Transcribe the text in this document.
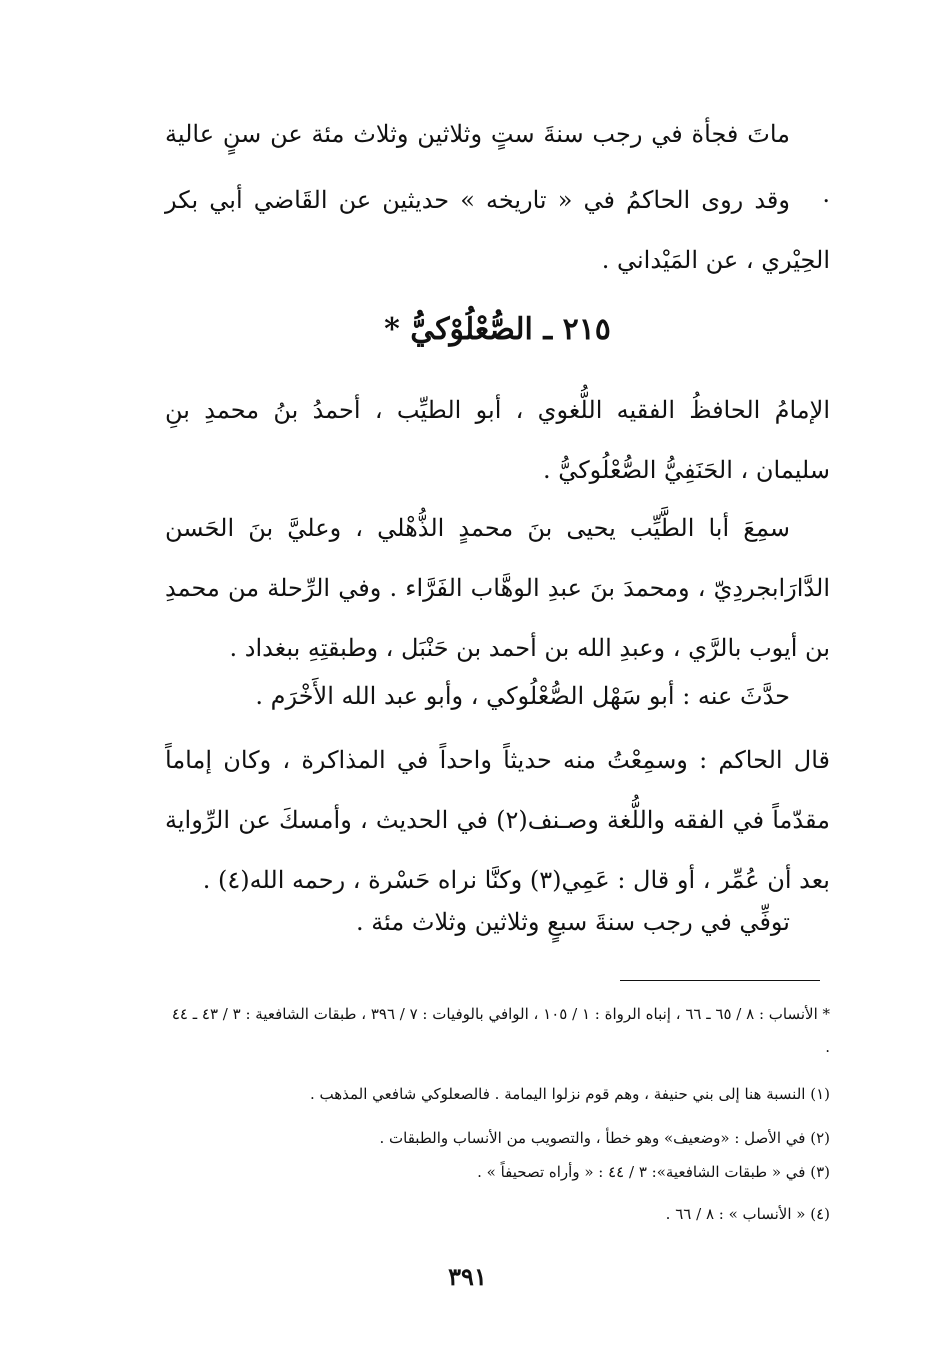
ماتَ فجأة في رجب سنةَ ستٍ وثلاثين وثلاث مئة عن سنٍ عالية .
وقد روى الحاكمُ في « تاريخه » حديثين عن القَاضي أبي بكر الحِيْري ، عن المَيْداني .
٢١٥ ـ الصُّعْلُوْكيُّ *
الإمامُ الحافظُ الفقيه اللُّغوي ، أبو الطيِّب ، أحمدُ بنُ محمدِ بنِ سليمان ، الحَنَفِيُّ الصُّعْلُوكيُّ .
سمِعَ أبا الطَّيِّب يحيى بنَ محمدٍ الذُّهْلي ، وعليَّ بنَ الحَسن الدَّارَابجردِيّ ، ومحمدَ بنَ عبدِ الوهَّاب الفَرَّاء . وفي الرِّحلة من محمدِ بن أيوب بالرَّي ، وعبدِ الله بن أحمد بن حَنْبَل ، وطبقتِهِ ببغداد .
حدَّثَ عنه : أبو سَهْل الصُّعْلُوكي ، وأبو عبد الله الأَخْرَم .
قال الحاكم : وسمِعْتُ منه حديثاً واحداً في المذاكرة ، وكان إماماً مقدّماً في الفقه واللُّغة وصـنف(٢) في الحديث ، وأمسكَ عن الرِّواية بعد أن عُمِّر ، أو قال : عَمِي(٣) وكنَّا نراه حَسْرة ، رحمه الله(٤) .
توفِّي في رجب سنةَ سبعٍ وثلاثين وثلاث مئة .
* الأنساب : ٨ / ٦٥ ـ ٦٦ ، إنباه الرواة : ١ / ١٠٥ ، الوافي بالوفيات : ٧ / ٣٩٦ ، طبقات الشافعية : ٣ / ٤٣ ـ ٤٤ .
(١) النسبة هنا إلى بني حنيفة ، وهم قوم نزلوا اليمامة . فالصعلوكي شافعي المذهب .
(٢) في الأصل : «وضعيف» وهو خطأ ، والتصويب من الأنساب والطبقات .
(٣) في « طبقات الشافعية»: ٣ / ٤٤ : « وأراه تصحيفاً » .
(٤) « الأنساب » : ٨ / ٦٦ .
٣٩١
